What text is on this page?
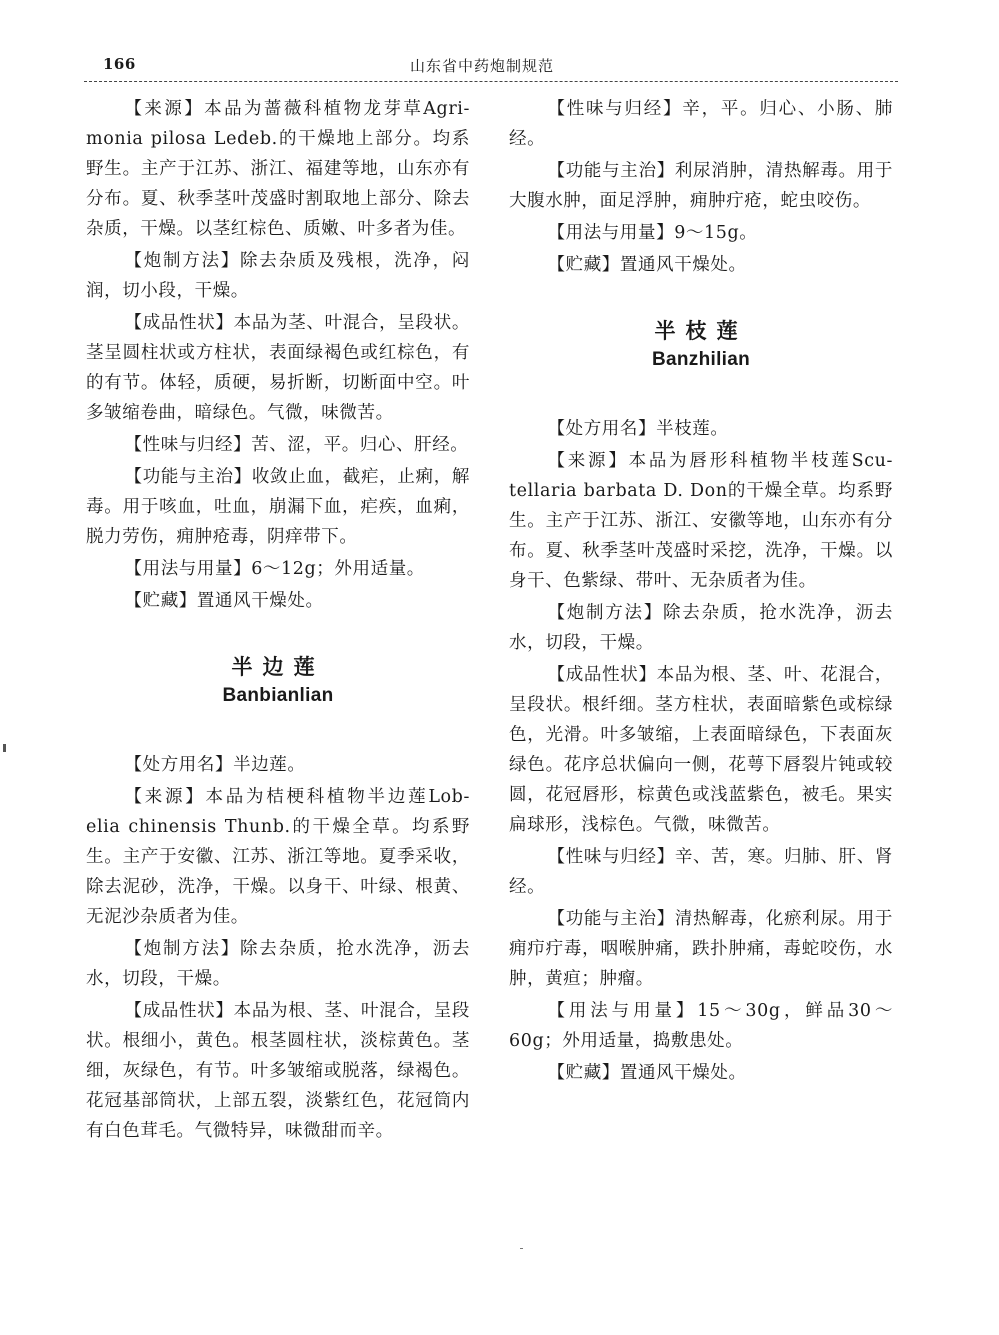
166	山东省中药炮制规范

【来源】本品为蔷薇科植物龙芽草Agri-monia pilosa Ledeb.的干燥地上部分。均系野生。主产于江苏、浙江、福建等地，山东亦有分布。夏、秋季茎叶茂盛时割取地上部分、除去杂质，干燥。以茎红棕色、质嫩、叶多者为佳。

【炮制方法】除去杂质及残根，洗净，闷润，切小段，干燥。

【成品性状】本品为茎、叶混合，呈段状。茎呈圆柱状或方柱状，表面绿褐色或红棕色，有的有节。体轻，质硬，易折断，切断面中空。叶多皱缩卷曲，暗绿色。气微，味微苦。

【性味与归经】苦、涩，平。归心、肝经。

【功能与主治】收敛止血，截疟，止痢，解毒。用于咳血，吐血，崩漏下血，疟疾，血痢，脱力劳伤，痈肿疮毒，阴痒带下。

【用法与用量】6～12g；外用适量。

【贮藏】置通风干燥处。

半边莲

Banbianlian

【处方用名】半边莲。

【来源】本品为桔梗科植物半边莲Lob-elia chinensis Thunb.的干燥全草。均系野生。主产于安徽、江苏、浙江等地。夏季采收，除去泥砂，洗净，干燥。以身干、叶绿、根黄、无泥沙杂质者为佳。

【炮制方法】除去杂质，抢水洗净，沥去水，切段，干燥。

【成品性状】本品为根、茎、叶混合，呈段状。根细小，黄色。根茎圆柱状，淡棕黄色。茎细，灰绿色，有节。叶多皱缩或脱落，绿褐色。花冠基部筒状，上部五裂，淡紫红色，花冠筒内有白色茸毛。气微特异，味微甜而辛。

【性味与归经】辛，平。归心、小肠、肺经。

【功能与主治】利尿消肿，清热解毒。用于大腹水肿，面足浮肿，痈肿疔疮，蛇虫咬伤。

【用法与用量】9～15g。

【贮藏】置通风干燥处。

半枝莲

Banzhilian

【处方用名】半枝莲。

【来源】本品为唇形科植物半枝莲Scu-tellaria barbata D. Don的干燥全草。均系野生。主产于江苏、浙江、安徽等地，山东亦有分布。夏、秋季茎叶茂盛时采挖，洗净，干燥。以身干、色紫绿、带叶、无杂质者为佳。

【炮制方法】除去杂质，抢水洗净，沥去水，切段，干燥。

【成品性状】本品为根、茎、叶、花混合，呈段状。根纤细。茎方柱状，表面暗紫色或棕绿色，光滑。叶多皱缩，上表面暗绿色，下表面灰绿色。花序总状偏向一侧，花萼下唇裂片钝或较圆，花冠唇形，棕黄色或浅蓝紫色，被毛。果实扁球形，浅棕色。气微，味微苦。

【性味与归经】辛、苦，寒。归肺、肝、肾经。

【功能与主治】清热解毒，化瘀利尿。用于痈疖疔毒，咽喉肿痛，跌扑肿痛，毒蛇咬伤，水肿，黄疸；肿瘤。

【用法与用量】15～30g，鲜品30～60g；外用适量，捣敷患处。

【贮藏】置通风干燥处。
